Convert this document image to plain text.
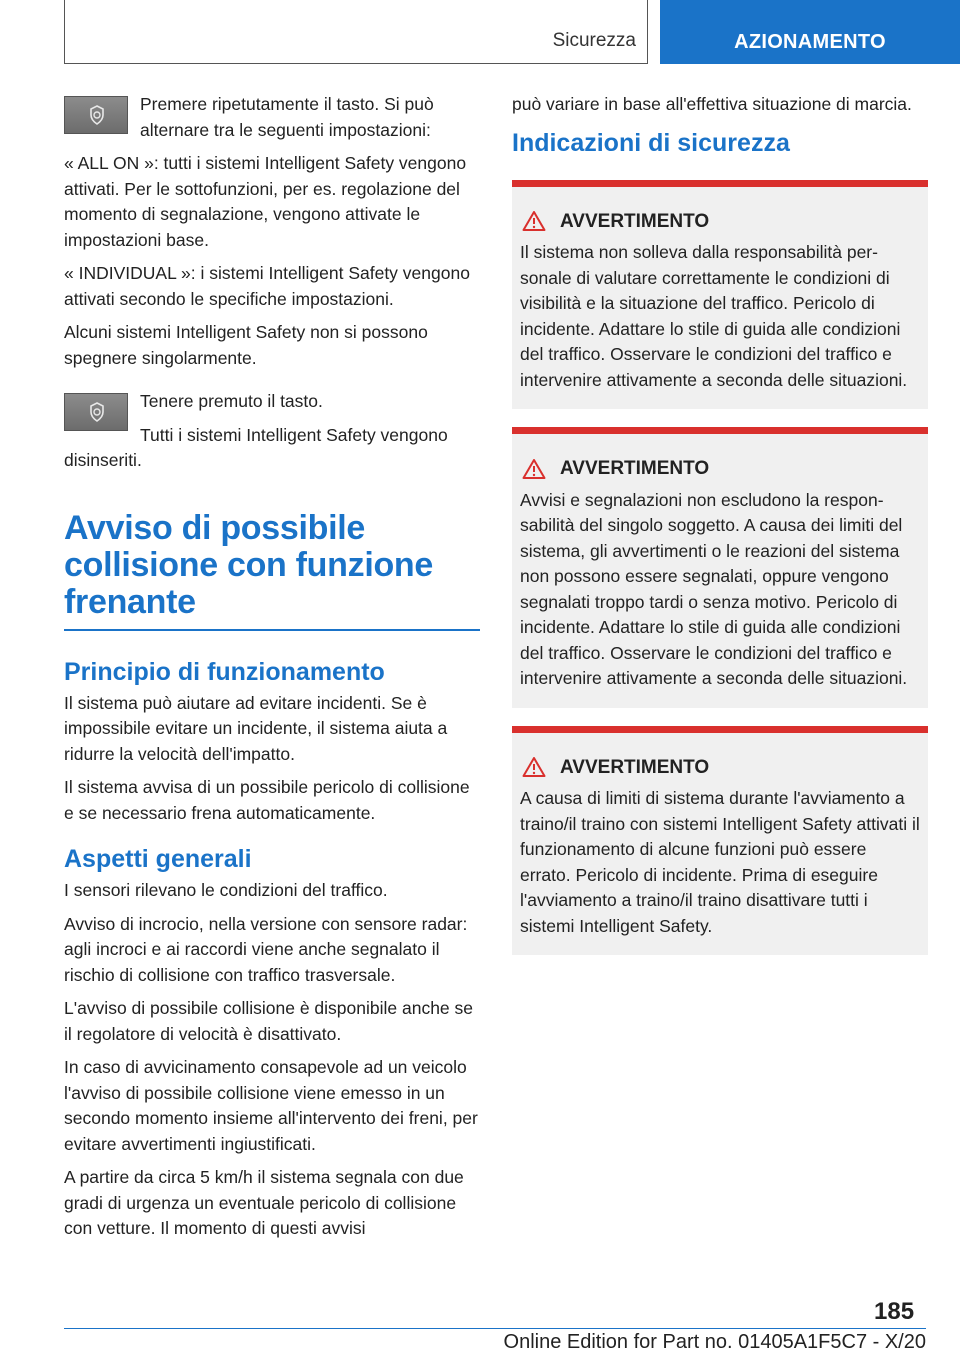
Sicurezza	AZIONAMENTO

Premere ripetutamente il tasto. Si può alternare tra le seguenti impostazioni:

« ALL ON »: tutti i sistemi Intelligent Safety vengono attivati. Per le sottofunzioni, per es. regolazione del momento di segnalazione, vengono attivate le impostazioni base.

« INDIVIDUAL »: i sistemi Intelligent Safety vengono attivati secondo le specifiche impostazioni.

Alcuni sistemi Intelligent Safety non si possono spegnere singolarmente.

Tenere premuto il tasto.

Tutti i sistemi Intelligent Safety vengono disinseriti.

Avviso di possibile collisione con funzione frenante
Principio di funzionamento

Il sistema può aiutare ad evitare incidenti. Se è impossibile evitare un incidente, il sistema aiuta a ridurre la velocità dell'impatto.

Il sistema avvisa di un possibile pericolo di collisione e se necessario frena automaticamente.

Aspetti generali

I sensori rilevano le condizioni del traffico.

Avviso di incrocio, nella versione con sensore radar: agli incroci e ai raccordi viene anche segnalato il rischio di collisione con traffico trasversale.

L'avviso di possibile collisione è disponibile anche se il regolatore di velocità è disattivato.

In caso di avvicinamento consapevole ad un veicolo l'avviso di possibile collisione viene emesso in un secondo momento insieme all'intervento dei freni, per evitare avvertimenti ingiustificati.

A partire da circa 5 km/h il sistema segnala con due gradi di urgenza un eventuale pericolo di collisione con vetture. Il momento di questi avvisi

può variare in base all'effettiva situazione di marcia.

Indicazioni di sicurezza
AVVERTIMENTO
Il sistema non solleva dalla responsabilità personale di valutare correttamente le condizioni di visibilità e la situazione del traffico. Pericolo di incidente. Adattare lo stile di guida alle condizioni del traffico. Osservare le condizioni del traffico e intervenire attivamente a seconda delle situazioni.
AVVERTIMENTO
Avvisi e segnalazioni non escludono la responsabilità del singolo soggetto. A causa dei limiti del sistema, gli avvertimenti o le reazioni del sistema non possono essere segnalati, oppure vengono segnalati troppo tardi o senza motivo. Pericolo di incidente. Adattare lo stile di guida alle condizioni del traffico. Osservare le condizioni del traffico e intervenire attivamente a seconda delle situazioni.
AVVERTIMENTO
A causa di limiti di sistema durante l'avviamento a traino/il traino con sistemi Intelligent Safety attivati il funzionamento di alcune funzioni può essere errato. Pericolo di incidente. Prima di eseguire l'avviamento a traino/il traino disattivare tutti i sistemi Intelligent Safety.
185
Online Edition for Part no. 01405A1F5C7 - X/20
